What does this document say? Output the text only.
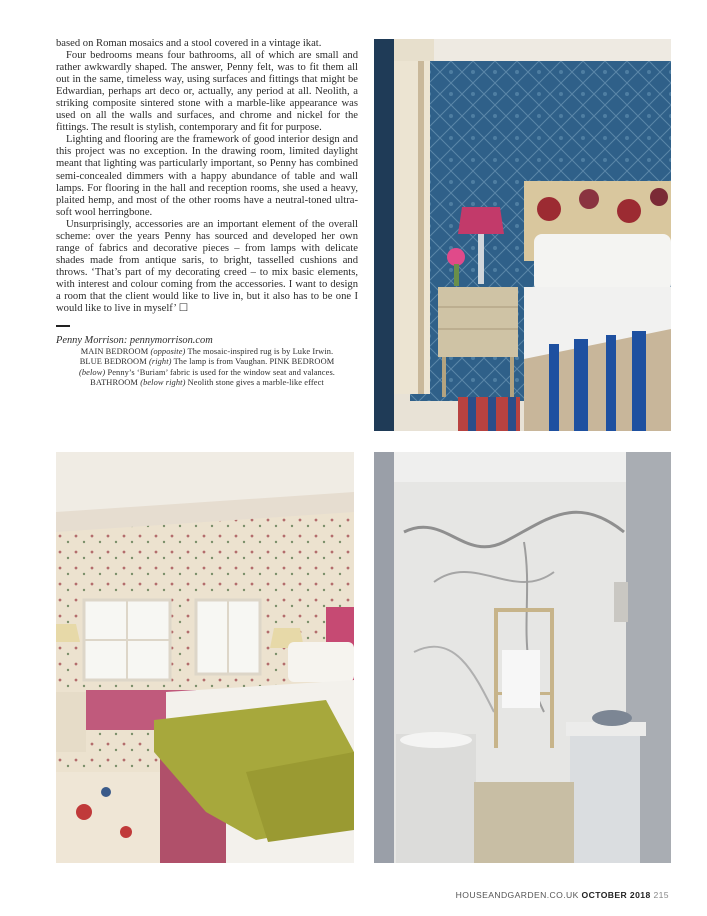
based on Roman mosaics and a stool covered in a vintage ikat.

Four bedrooms means four bathrooms, all of which are small and rather awkwardly shaped. The answer, Penny felt, was to fit them all out in the same, timeless way, using surfaces and fittings that might be Edwardian, perhaps art deco or, actually, any period at all. Neolith, a striking composite sintered stone with a marble-like appearance was used on all the walls and surfaces, and chrome and nickel for the fittings. The result is stylish, contemporary and fit for purpose.

Lighting and flooring are the framework of good interior design and this project was no exception. In the drawing room, limited daylight meant that lighting was particularly important, so Penny has combined semi-concealed dimmers with a happy abundance of table and wall lamps. For flooring in the hall and reception rooms, she used a heavy, plaited hemp, and most of the other rooms have a neutral-toned ultra-soft wool herringbone.

Unsurprisingly, accessories are an important element of the overall scheme: over the years Penny has sourced and developed her own range of fabrics and decorative pieces – from lamps with delicate shades made from antique saris, to bright, tasselled cushions and throws. ‘That’s part of my decorating creed – to mix basic elements, with interest and colour coming from the accessories. I want to design a room that the client would like to live in, but it also has to be one I would like to live in myself’ ☐

Penny Morrison: pennymorrison.com

MAIN BEDROOM (opposite) The mosaic-inspired rug is by Luke Irwin.
BLUE BEDROOM (right) The lamp is from Vaughan. PINK BEDROOM
(below) Penny’s ‘Buriam’ fabric is used for the window seat and valances.
BATHROOM (below right) Neolith stone gives a marble-like effect
HOUSEANDGARDEN.CO.UK OCTOBER 2018 215
